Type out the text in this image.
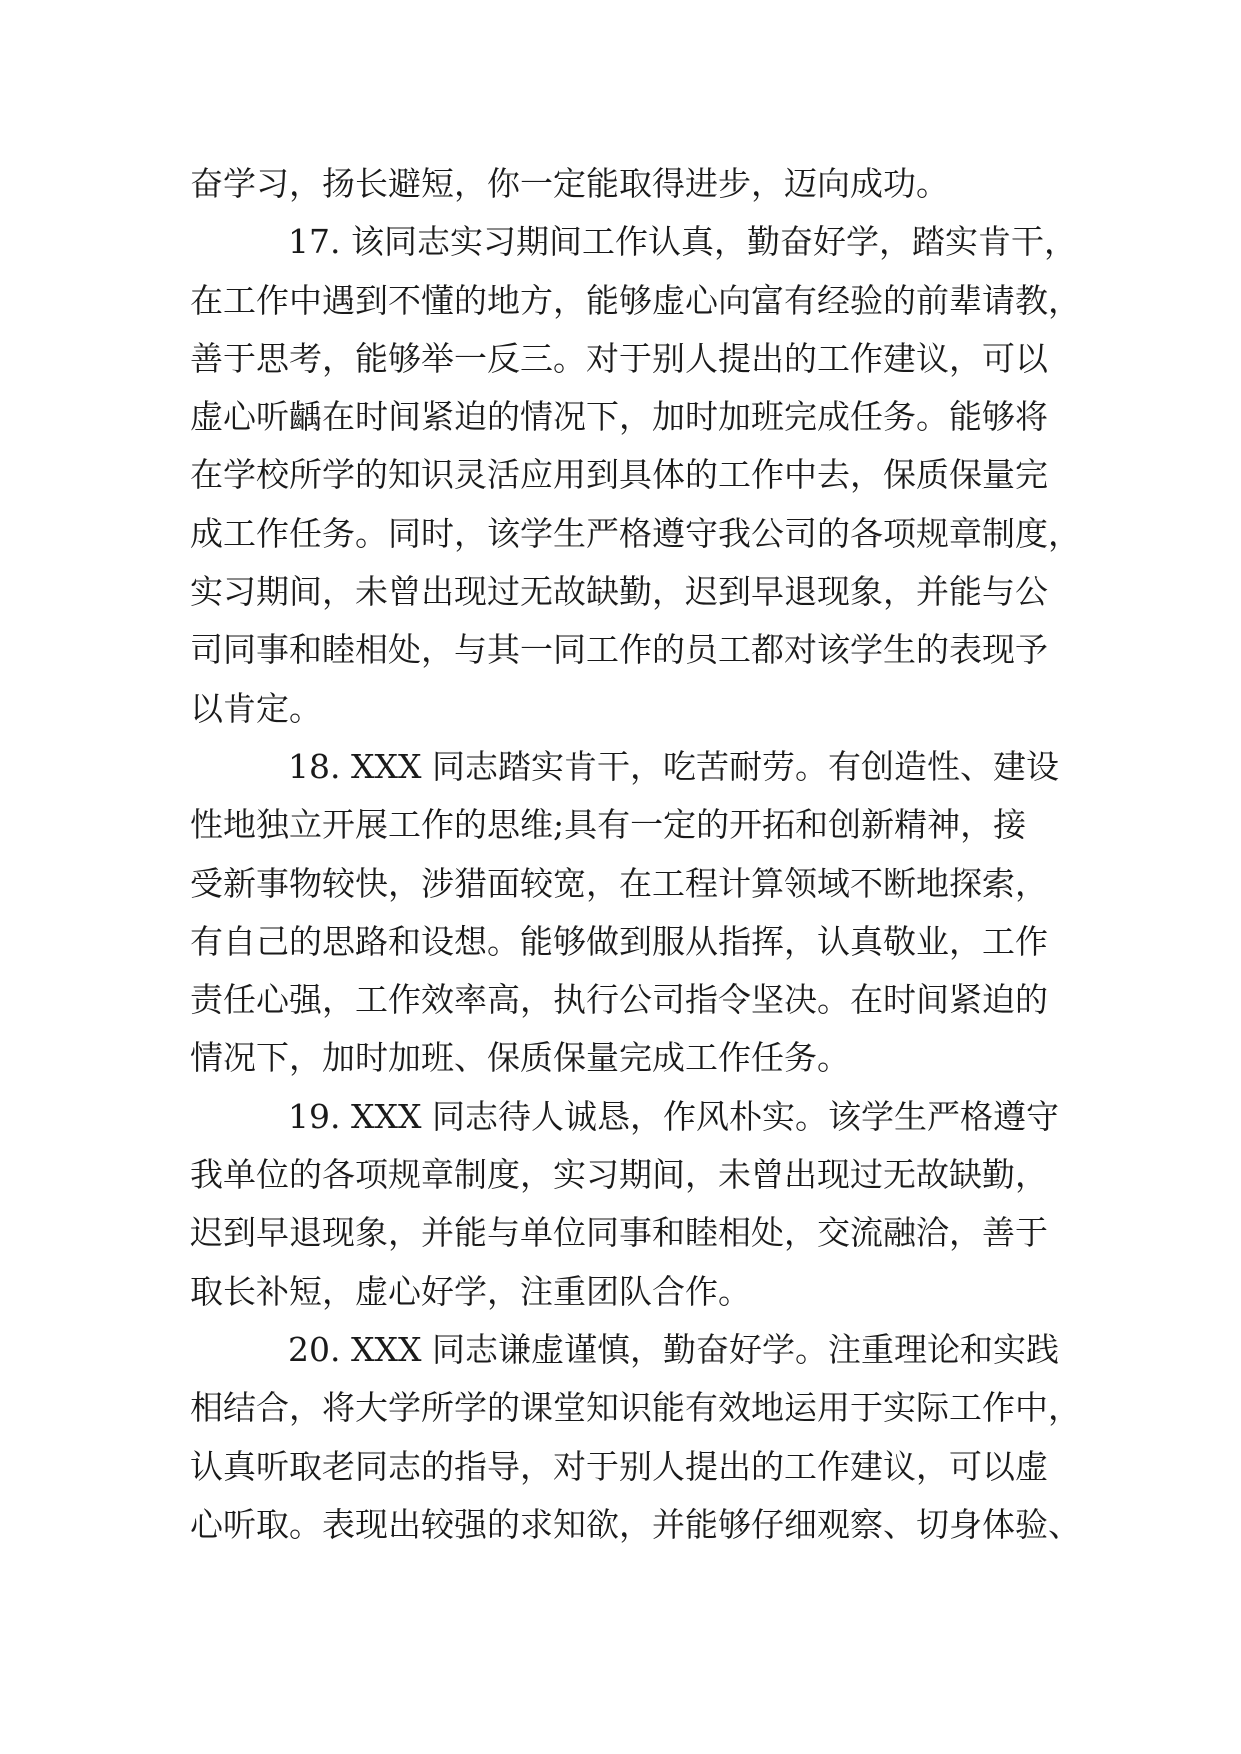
奋学习，扬长避短，你一定能取得进步，迈向成功。
17. 该同志实习期间工作认真，勤奋好学，踏实肯干，
在工作中遇到不懂的地方，能够虚心向富有经验的前辈请教，
善于思考，能够举一反三。对于别人提出的工作建议，可以
虚心听齲在时间紧迫的情况下，加时加班完成任务。能够将
在学校所学的知识灵活应用到具体的工作中去，保质保量完
成工作任务。同时，该学生严格遵守我公司的各项规章制度，
实习期间，未曾出现过无故缺勤，迟到早退现象，并能与公
司同事和睦相处，与其一同工作的员工都对该学生的表现予
以肯定。
18. XXX 同志踏实肯干，吃苦耐劳。有创造性、建设
性地独立开展工作的思维;具有一定的开拓和创新精神，接
受新事物较快，涉猎面较宽，在工程计算领域不断地探索，
有自己的思路和设想。能够做到服从指挥，认真敬业，工作
责任心强，工作效率高，执行公司指令坚决。在时间紧迫的
情况下，加时加班、保质保量完成工作任务。
19. XXX 同志待人诚恳，作风朴实。该学生严格遵守
我单位的各项规章制度，实习期间，未曾出现过无故缺勤，
迟到早退现象，并能与单位同事和睦相处，交流融洽，善于
取长补短，虚心好学，注重团队合作。
20. XXX 同志谦虚谨慎，勤奋好学。注重理论和实践
相结合，将大学所学的课堂知识能有效地运用于实际工作中，
认真听取老同志的指导，对于别人提出的工作建议，可以虚
心听取。表现出较强的求知欲，并能够仔细观察、切身体验、
